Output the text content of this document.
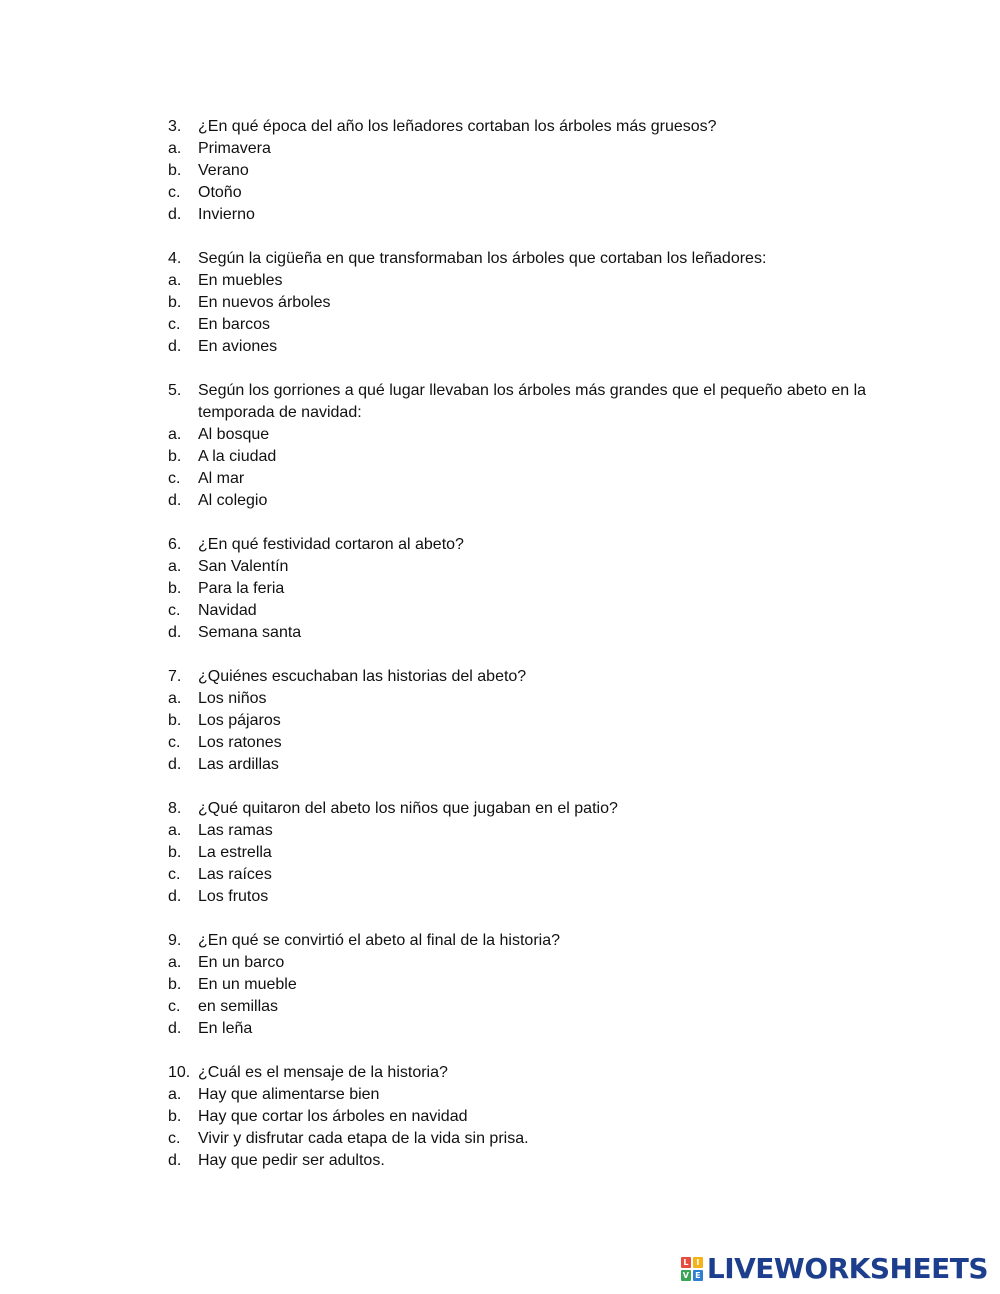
3.	¿En qué época del año los leñadores cortaban los árboles más gruesos?
a.	Primavera
b.	Verano
c.	Otoño
d.	Invierno
4.	Según la cigüeña en que transformaban los árboles que cortaban los leñadores:
a.	En muebles
b.	En nuevos árboles
c.	En barcos
d.	En aviones
5.	Según los gorriones a qué lugar llevaban los árboles más grandes que el pequeño abeto en la temporada de navidad:
a.	Al bosque
b.	A la ciudad
c.	Al mar
d.	Al colegio
6.	¿En qué festividad cortaron al abeto?
a.	San Valentín
b.	Para la feria
c.	Navidad
d.	Semana santa
7.	¿Quiénes escuchaban las historias del abeto?
a.	Los niños
b.	Los pájaros
c.	Los ratones
d.	Las ardillas
8.	¿Qué quitaron del abeto los niños que jugaban en el patio?
a.	Las ramas
b.	La estrella
c.	Las raíces
d.	Los frutos
9.	¿En qué se convirtió el abeto al final de la historia?
a.	En un barco
b.	En un mueble
c.	en semillas
d.	En leña
10. ¿Cuál es el mensaje de la historia?
a.	Hay que alimentarse bien
b.	Hay que cortar los árboles en navidad
c.	Vivir y disfrutar cada etapa de la vida sin prisa.
d.	Hay que pedir ser adultos.
L I
V E LIVEWORKSHEETS
